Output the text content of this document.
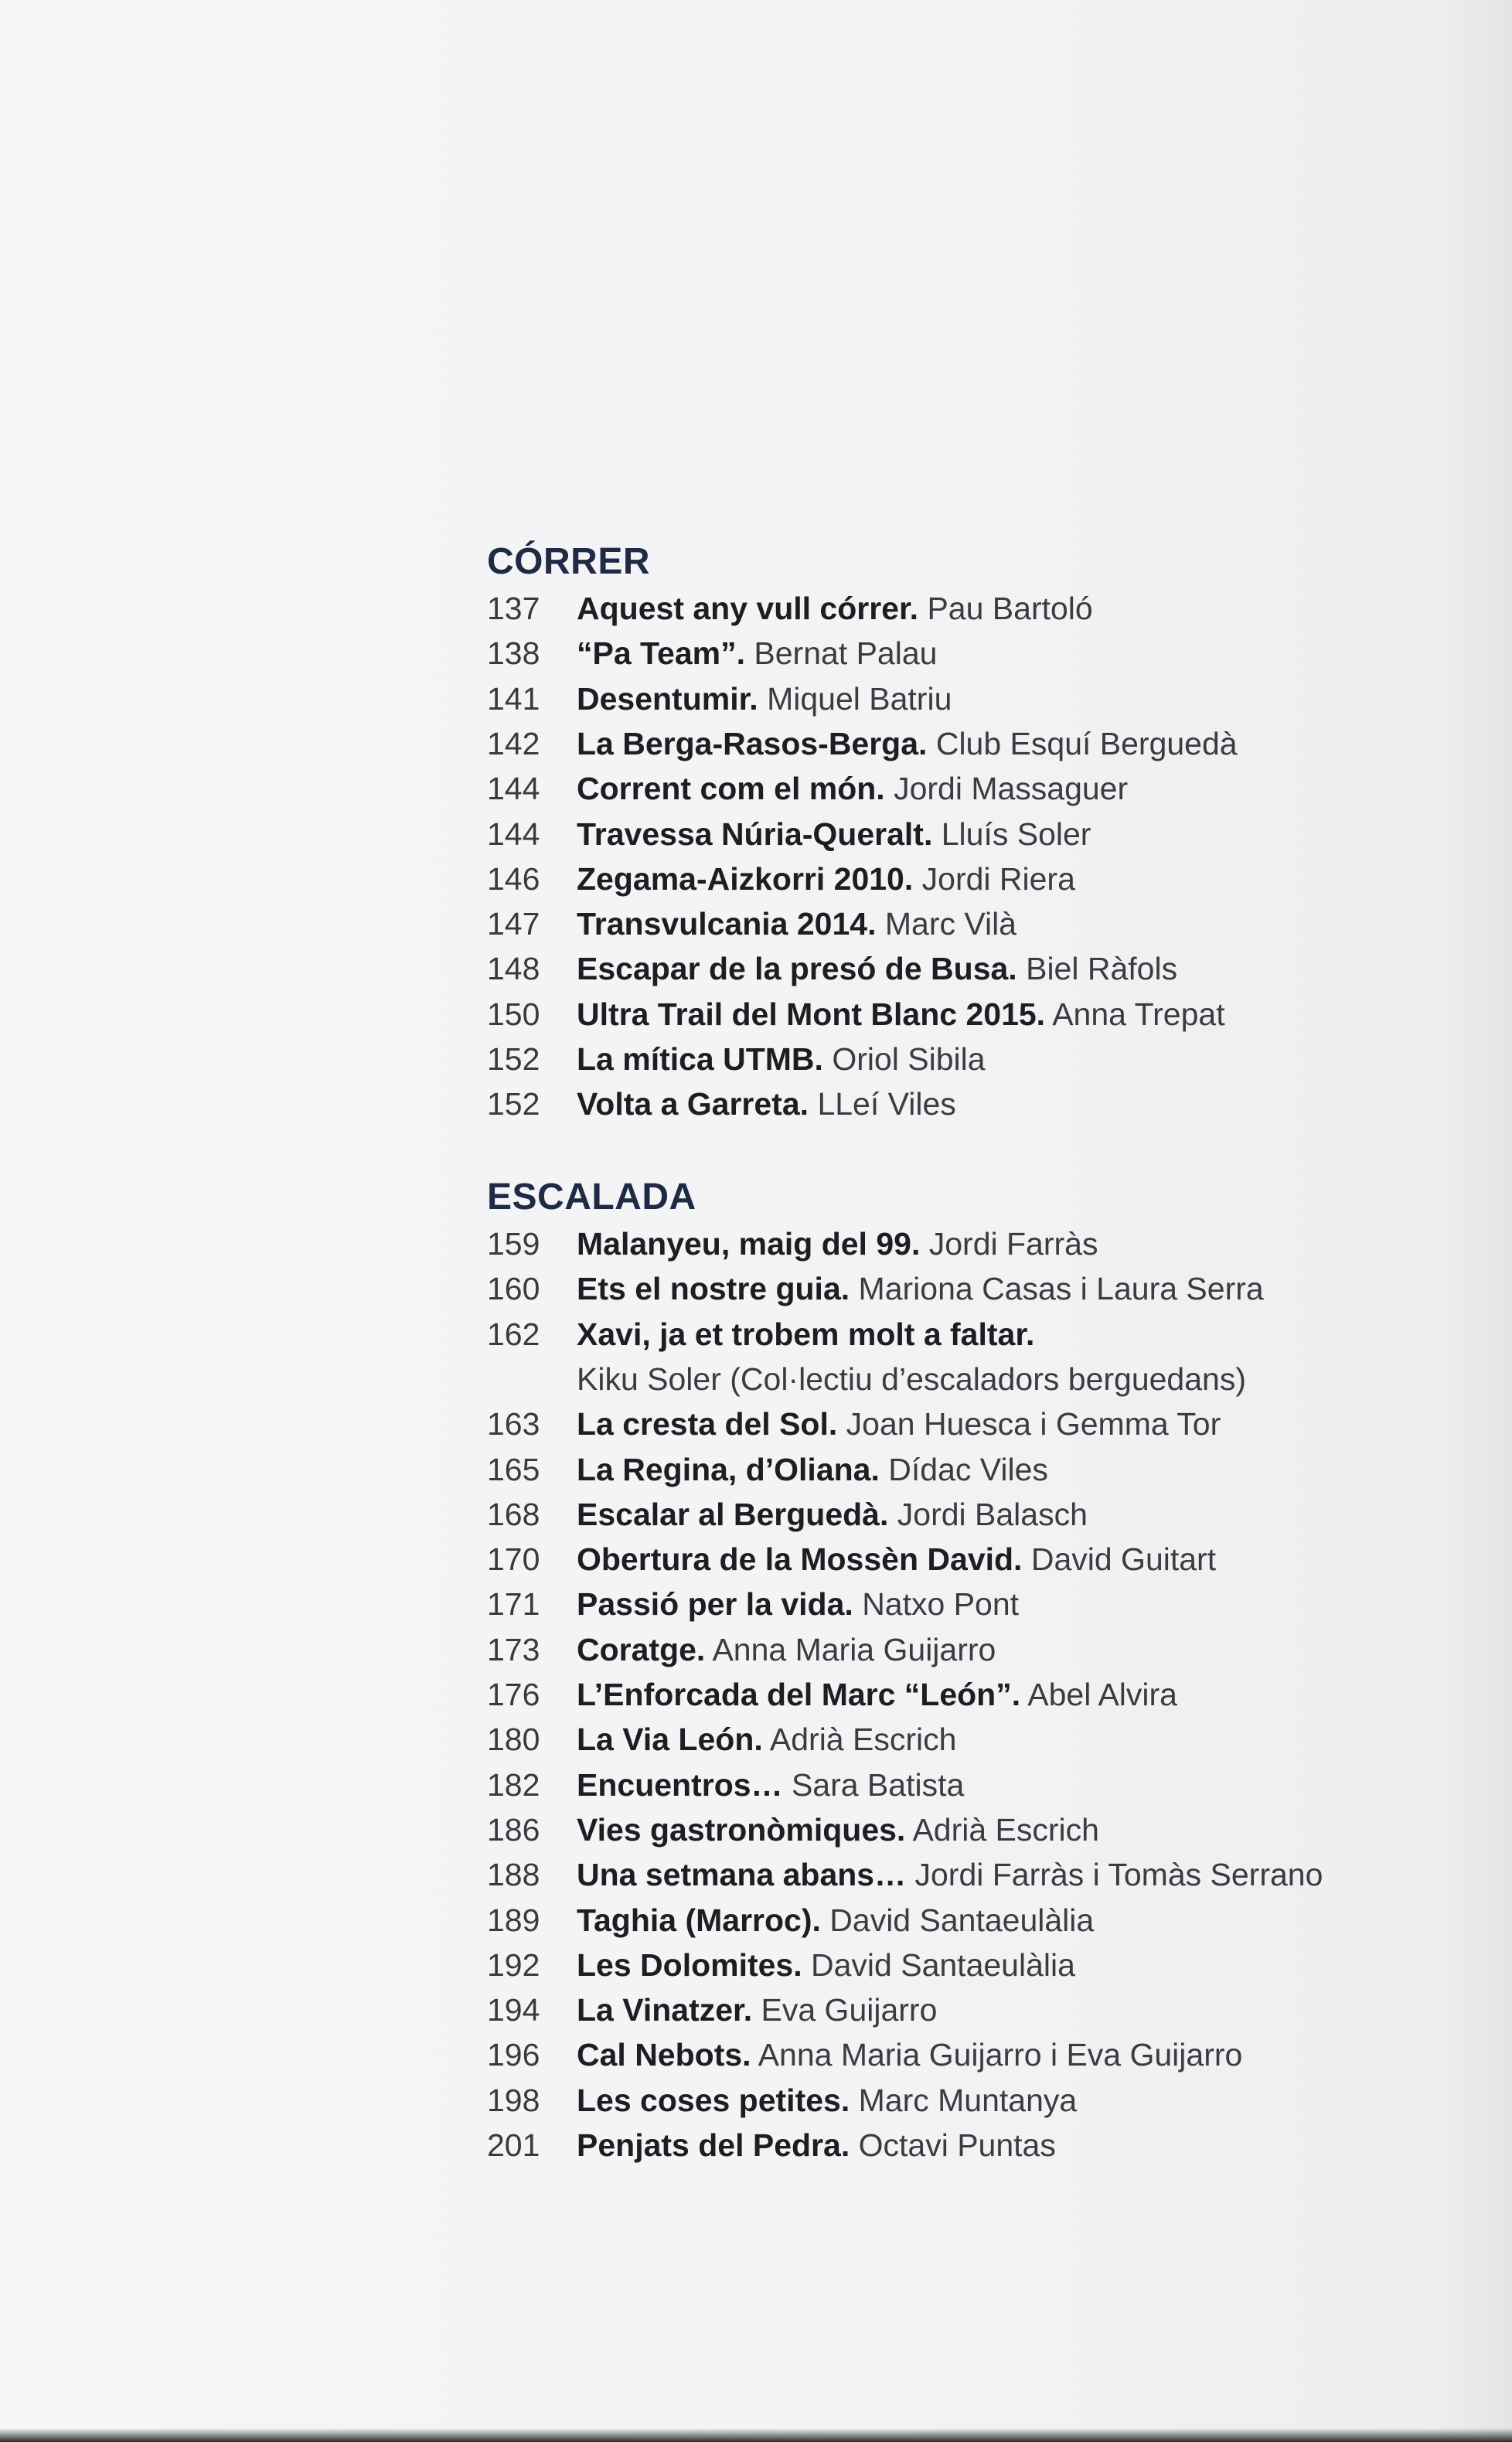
CÓRRER
137 Aquest any vull córrer. Pau Bartoló
138 “Pa Team”. Bernat Palau
141 Desentumir. Miquel Batriu
142 La Berga-Rasos-Berga. Club Esquí Berguedà
144 Corrent com el món. Jordi Massaguer
144 Travessa Núria-Queralt. Lluís Soler
146 Zegama-Aizkorri 2010. Jordi Riera
147 Transvulcania 2014. Marc Vilà
148 Escapar de la presó de Busa. Biel Ràfols
150 Ultra Trail del Mont Blanc 2015. Anna Trepat
152 La mítica UTMB. Oriol Sibila
152 Volta a Garreta. LLeí Viles
ESCALADA
159 Malanyeu, maig del 99. Jordi Farràs
160 Ets el nostre guia. Mariona Casas i Laura Serra
162 Xavi, ja et trobem molt a faltar.
Kiku Soler (Col·lectiu d’escaladors berguedans)
163 La cresta del Sol. Joan Huesca i Gemma Tor
165 La Regina, d’Oliana. Dídac Viles
168 Escalar al Berguedà. Jordi Balasch
170 Obertura de la Mossèn David. David Guitart
171 Passió per la vida. Natxo Pont
173 Coratge. Anna Maria Guijarro
176 L’Enforcada del Marc “León”. Abel Alvira
180 La Via León. Adrià Escrich
182 Encuentros… Sara Batista
186 Vies gastronòmiques. Adrià Escrich
188 Una setmana abans… Jordi Farràs i Tomàs Serrano
189 Taghia (Marroc). David Santaeulàlia
192 Les Dolomites. David Santaeulàlia
194 La Vinatzer. Eva Guijarro
196 Cal Nebots. Anna Maria Guijarro i Eva Guijarro
198 Les coses petites. Marc Muntanya
201 Penjats del Pedra. Octavi Puntas
